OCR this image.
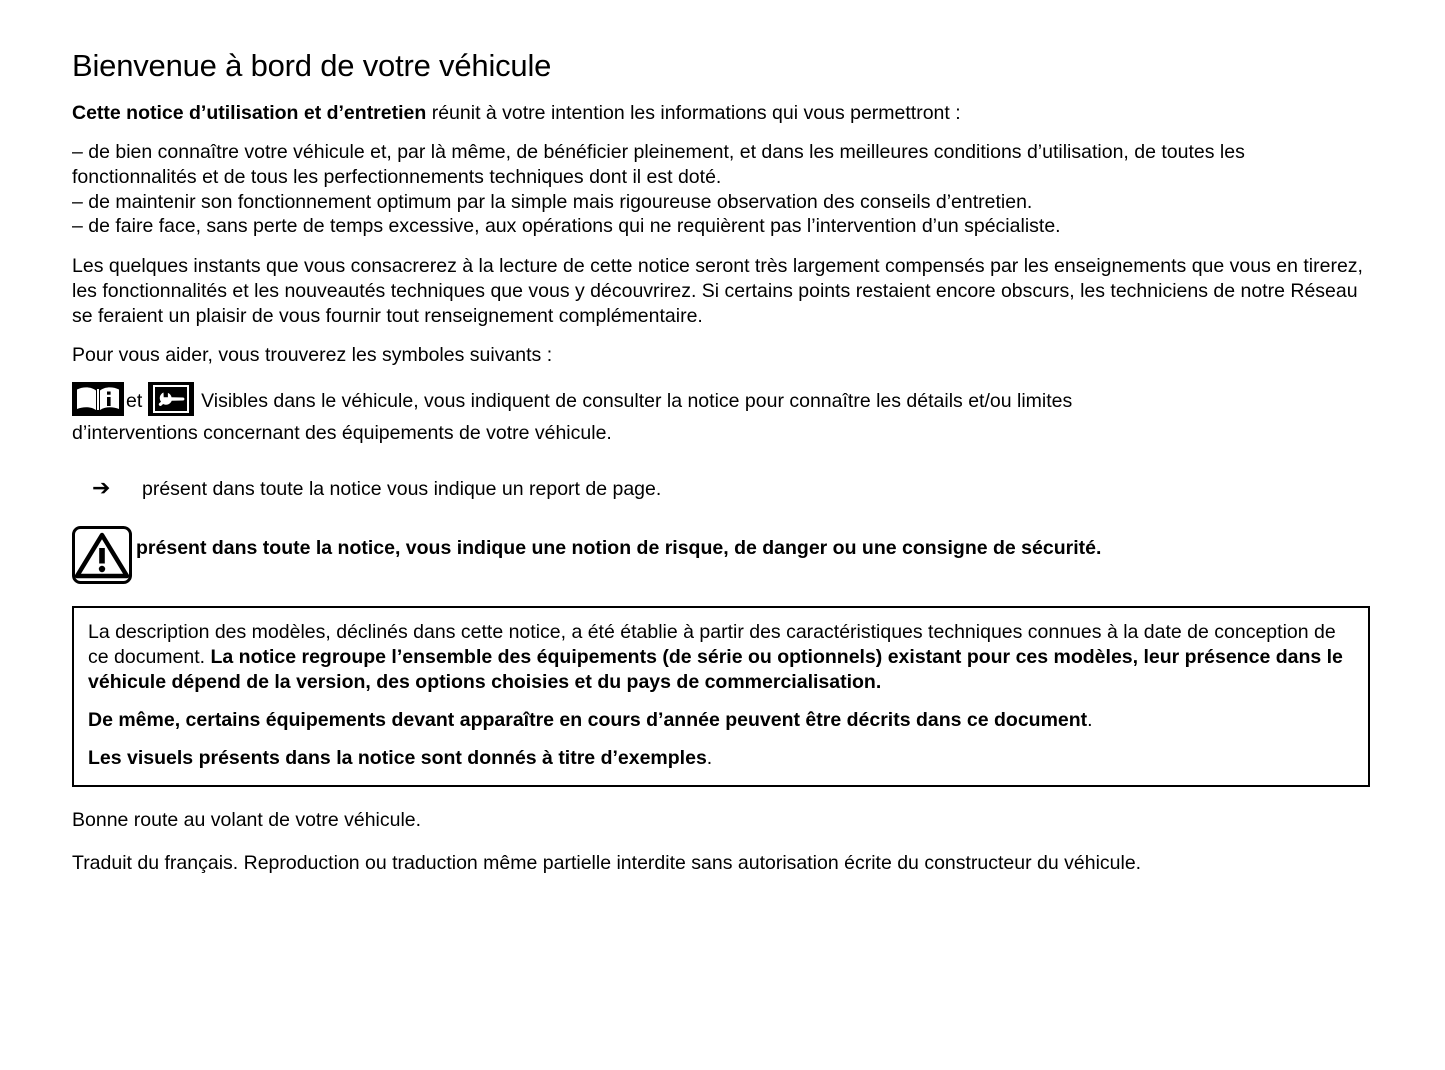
Bienvenue à bord de votre véhicule

Cette notice d’utilisation et d’entretien réunit à votre intention les informations qui vous permettront :

– de bien connaître votre véhicule et, par là même, de bénéficier pleinement, et dans les meilleures conditions d’utilisation, de toutes les fonctionnalités et de tous les perfectionnements techniques dont il est doté.

– de maintenir son fonctionnement optimum par la simple mais rigoureuse observation des conseils d’entretien.

– de faire face, sans perte de temps excessive, aux opérations qui ne requièrent pas l’intervention d’un spécialiste.

Les quelques instants que vous consacrerez à la lecture de cette notice seront très largement compensés par les enseignements que vous en tirerez, les fonctionnalités et les nouveautés techniques que vous y découvrirez. Si certains points restaient encore obscurs, les techniciens de notre Réseau se feraient un plaisir de vous fournir tout renseignement complémentaire.

Pour vous aider, vous trouverez les symboles suivants :

et	Visibles dans le véhicule, vous indiquent de consulter la notice pour connaître les détails et/ou limites
d’interventions concernant des équipements de votre véhicule.

➔	présent dans toute la notice vous indique un report de page.

présent dans toute la notice, vous indique une notion de risque, de danger ou une consigne de sécurité.

La description des modèles, déclinés dans cette notice, a été établie à partir des caractéristiques techniques connues à la date de conception de ce document. La notice regroupe l’ensemble des équipements (de série ou optionnels) existant pour ces modèles, leur présence dans le véhicule dépend de la version, des options choisies et du pays de commercialisation.

De même, certains équipements devant apparaître en cours d’année peuvent être décrits dans ce document.

Les visuels présents dans la notice sont donnés à titre d’exemples.

Bonne route au volant de votre véhicule.

Traduit du français. Reproduction ou traduction même partielle interdite sans autorisation écrite du constructeur du véhicule.
